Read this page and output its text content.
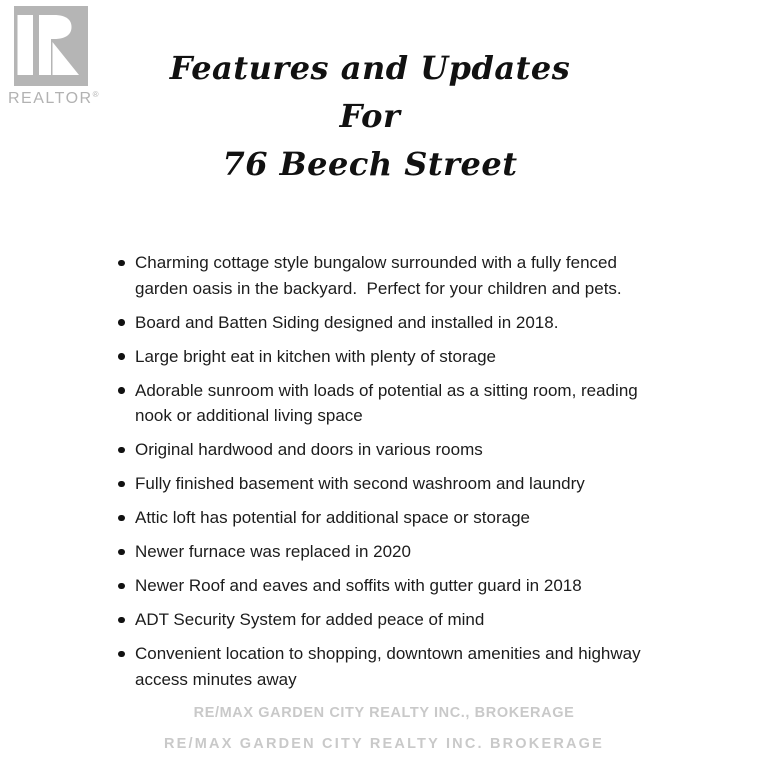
REALTOR®
Features and Updates
For
76 Beech Street
Charming cottage style bungalow surrounded with a fully fenced garden oasis in the backyard.  Perfect for your children and pets.
Board and Batten Siding designed and installed in 2018.
Large bright eat in kitchen with plenty of storage
Adorable sunroom with loads of potential as a sitting room, reading nook or additional living space
Original hardwood and doors in various rooms
Fully finished basement with second washroom and laundry
Attic loft has potential for additional space or storage
Newer furnace was replaced in 2020
Newer Roof and eaves and soffits with gutter guard in 2018
ADT Security System for added peace of mind
Convenient location to shopping, downtown amenities and highway access minutes away
RE/MAX GARDEN CITY REALTY INC., BROKERAGE
RE/MAX GARDEN CITY REALTY INC. BROKERAGE
